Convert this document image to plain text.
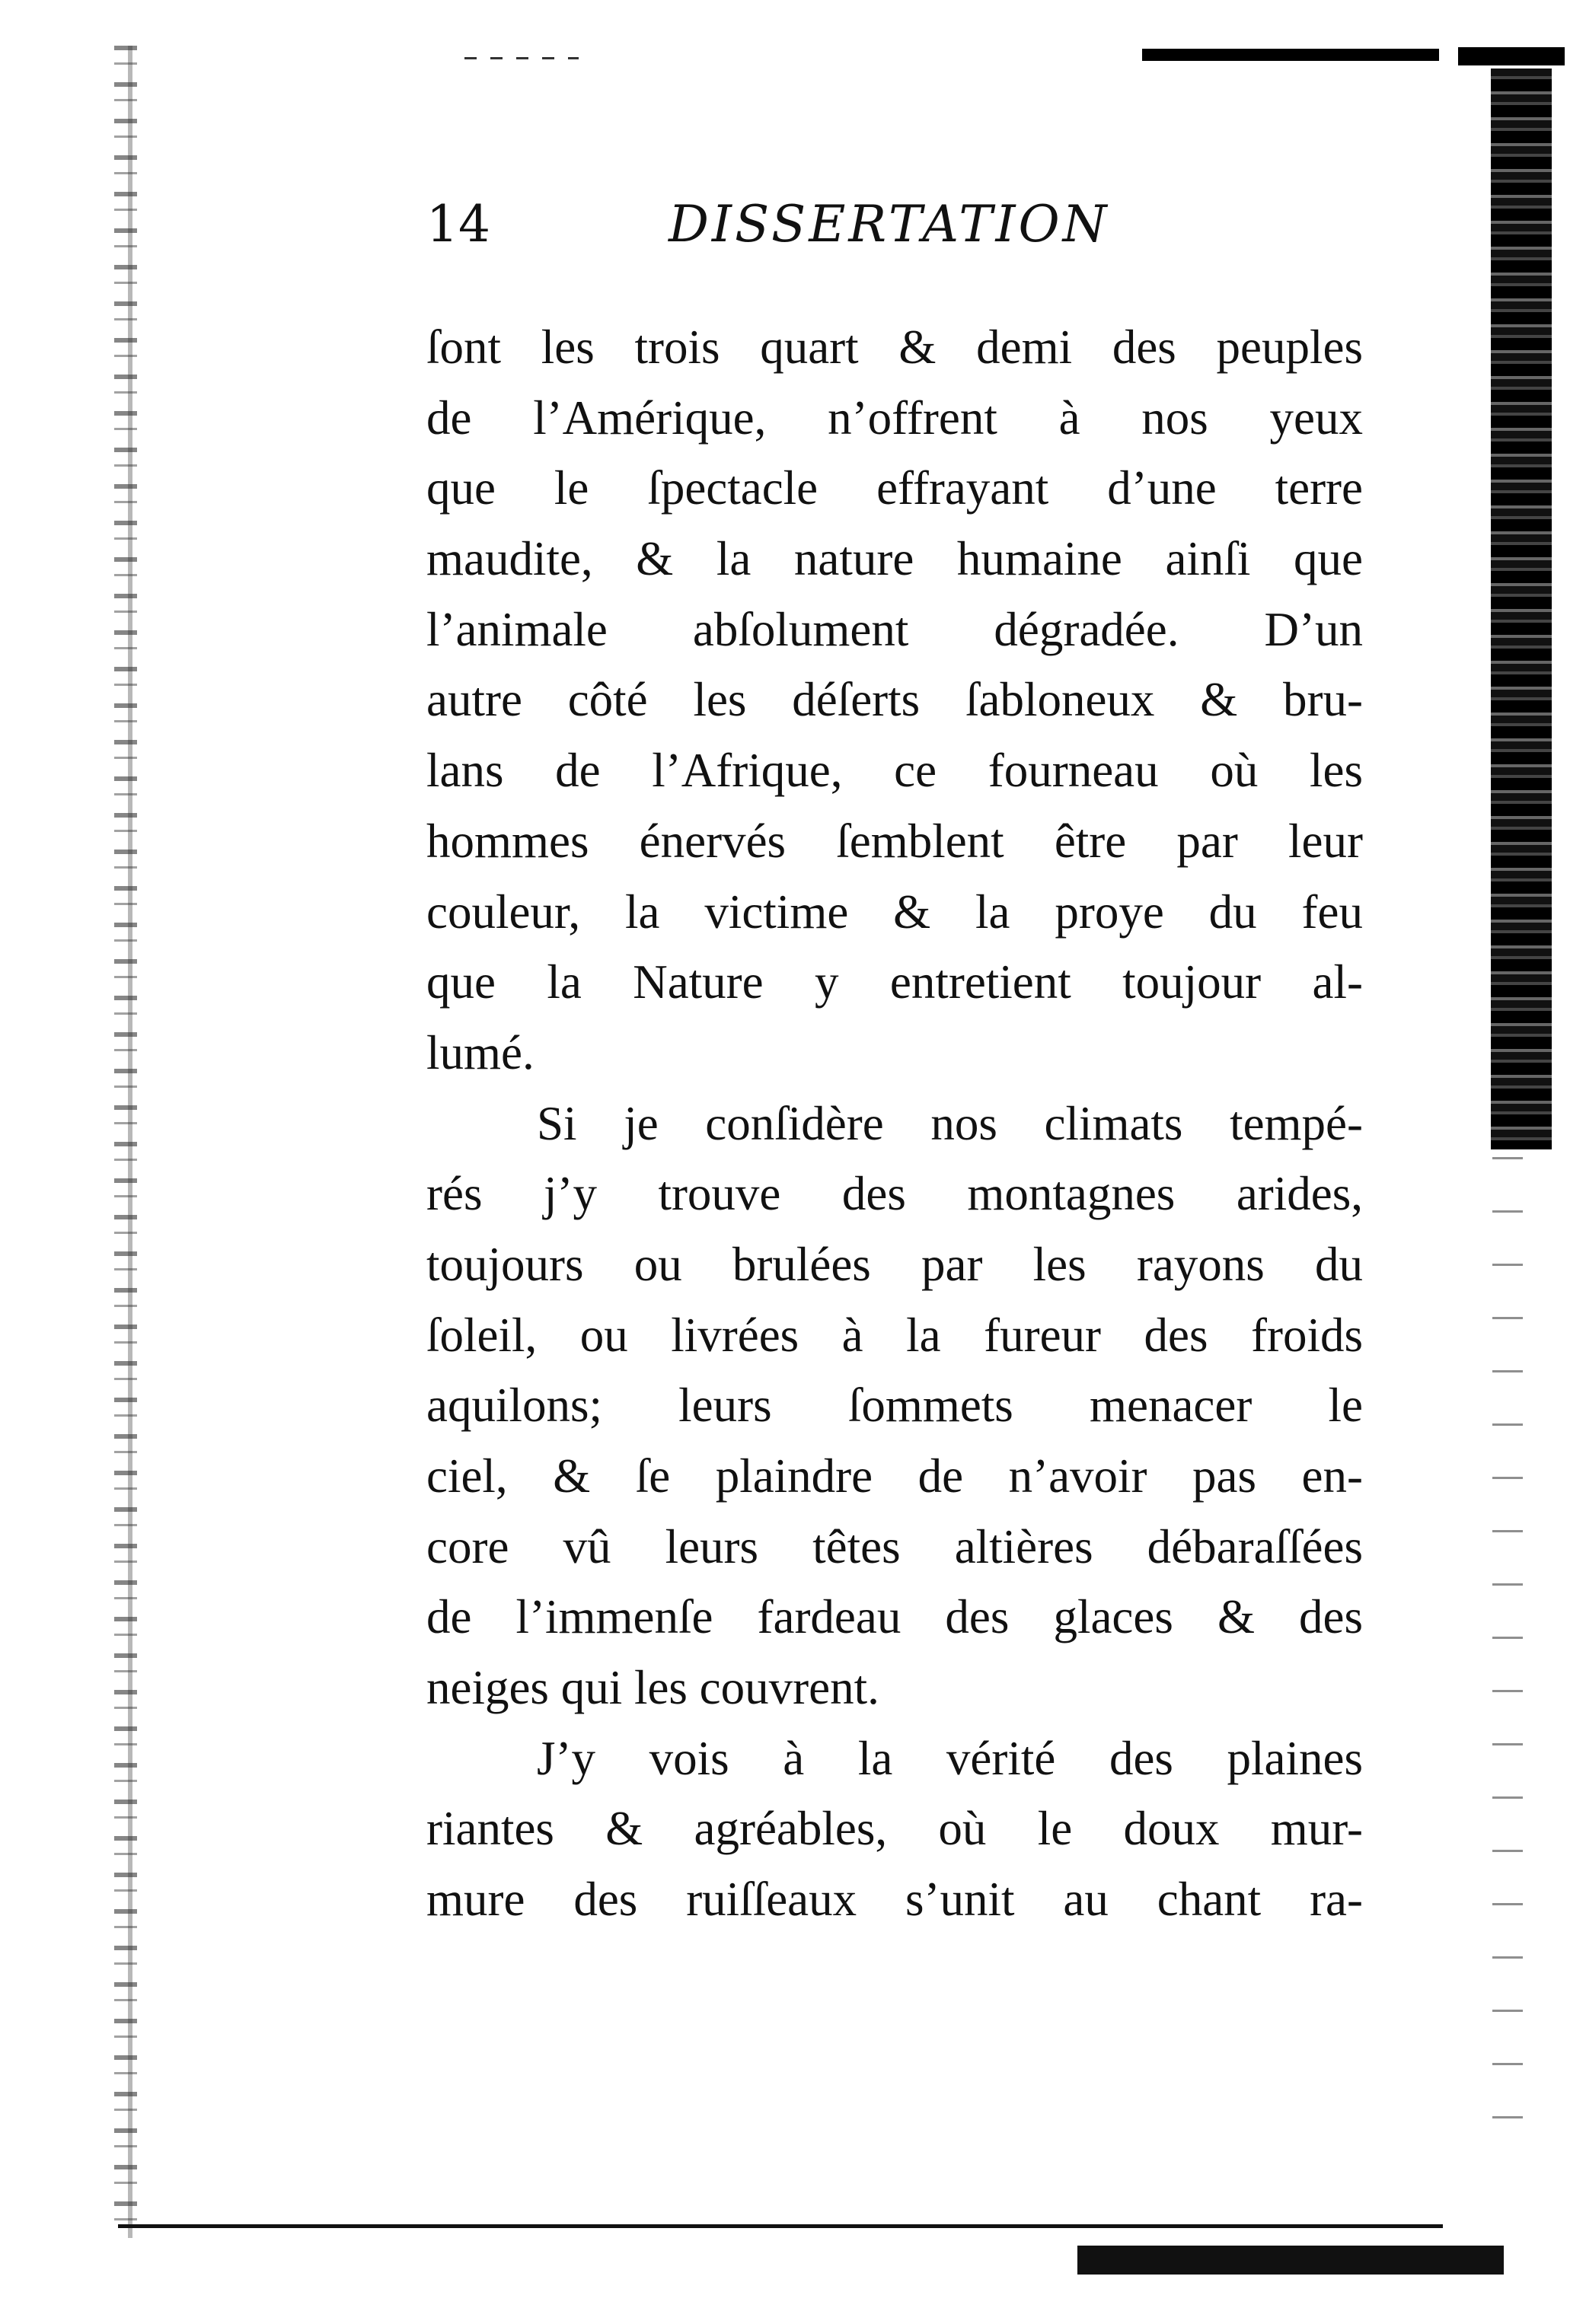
14	DISSERTATION
ſont les trois quart & demi des peuples
de l’Amérique, n’offrent à nos yeux
que le ſpectacle effrayant d’une terre
maudite, & la nature humaine ainſi que
l’animale abſolument dégradée. D’un
autre côté les déſerts ſabloneux & bru-
lans de l’Afrique, ce fourneau où les
hommes énervés ſemblent être par leur
couleur, la victime & la proye du feu
que la Nature y entretient toujour al-
lumé.
Si je conſidère nos climats tempé-
rés j’y trouve des montagnes arides,
toujours ou brulées par les rayons du
ſoleil, ou livrées à la fureur des froids
aquilons; leurs ſommets menacer le
ciel, & ſe plaindre de n’avoir pas en-
core vû leurs têtes altières débaraſſées
de l’immenſe fardeau des glaces & des
neiges qui les couvrent.
J’y vois à la vérité des plaines
riantes & agréables, où le doux mur-
mure des ruiſſeaux s’unit au chant ra-
